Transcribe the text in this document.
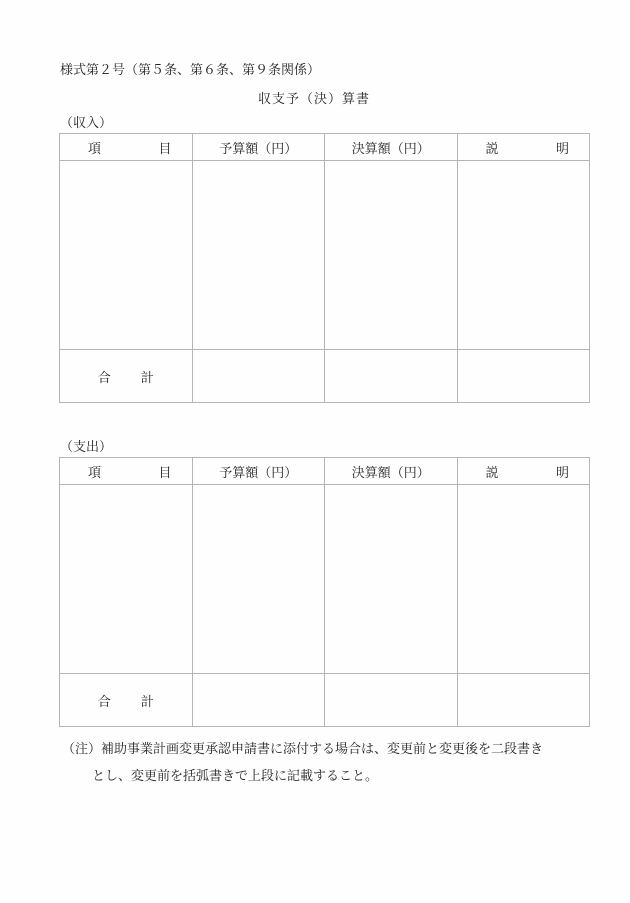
様式第２号（第５条、第６条、第９条関係）
収支予（決）算書
（収入）
項 目	予算額（円）	決算額（円）	説 明

合 計			

（支出）
項 目	予算額（円）	決算額（円）	説 明

合 計			

（注）補助事業計画変更承認申請書に添付する場合は、変更前と変更後を二段書き
とし、変更前を括弧書きで上段に記載すること。
